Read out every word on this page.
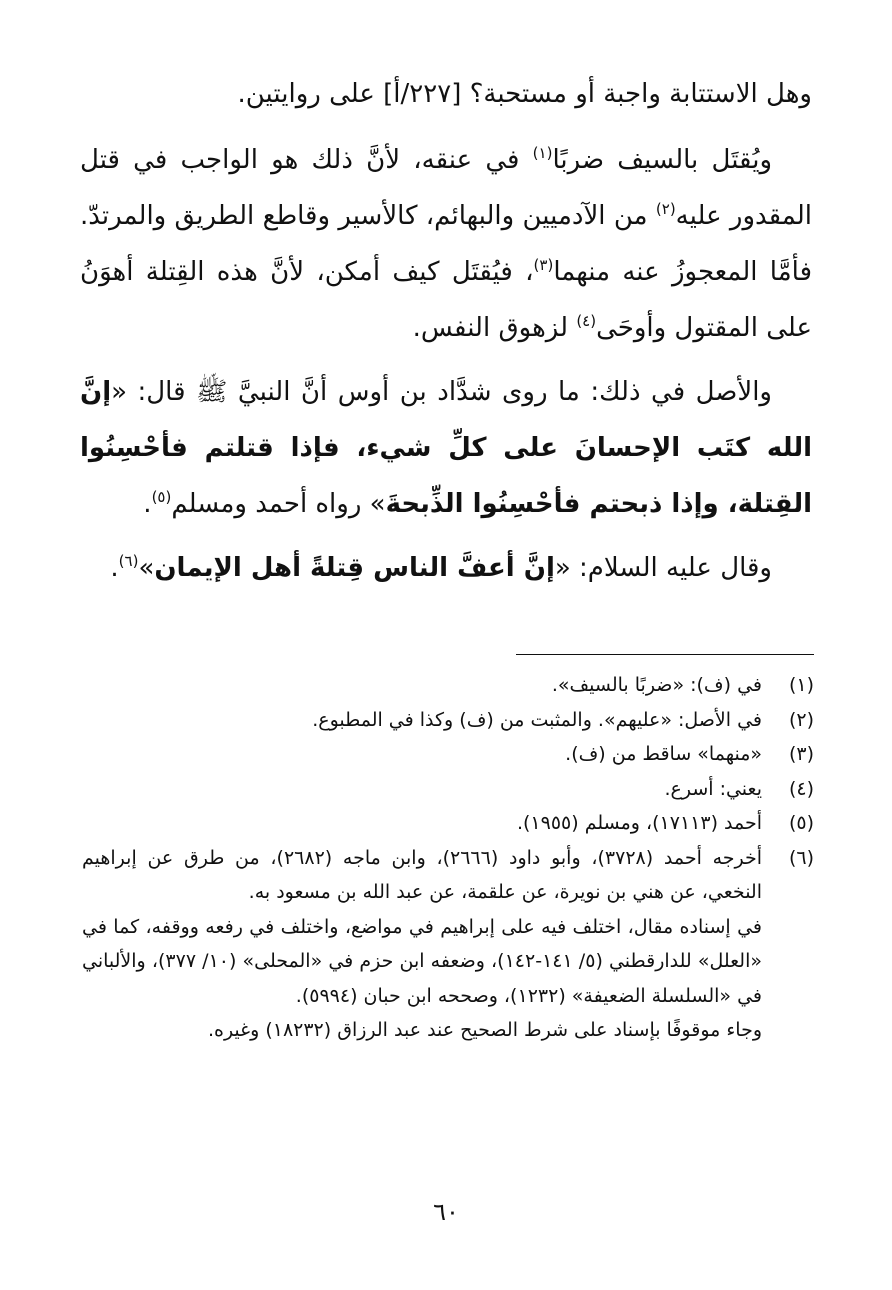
وهل الاستتابة واجبة أو مستحبة؟ [٢٢٧/أ] على روايتين.

ويُقتَل بالسيف ضربًا$^{(١)}$ في عنقه، لأنَّ ذلك هو الواجب في قتل المقدور عليه$^{(٢)}$ من الآدميين والبهائم، كالأسير وقاطع الطريق والمرتدّ. فأمَّا المعجوزُ عنه منهما$^{(٣)}$، فيُقتَل كيف أمكن، لأنَّ هذه القِتلة أهوَنُ على المقتول وأوحَى$^{(٤)}$ لزهوق النفس.

والأصل في ذلك: ما روى شدَّاد بن أوس أنَّ النبيَّ ﷺ قال: «إنَّ الله كتَب الإحسانَ على كلِّ شيء، فإذا قتلتم فأحْسِنُوا القِتلة، وإذا ذبحتم فأحْسِنُوا الذِّبحةَ» رواه أحمد ومسلم$^{(٥)}$.

وقال عليه السلام: «إنَّ أعفَّ الناس قِتلةً أهل الإيمان»$^{(٦)}$.

(١)
في (ف): «ضربًا بالسيف».
(٢)
في الأصل: «عليهم». والمثبت من (ف) وكذا في المطبوع.
(٣)
«منهما» ساقط من (ف).
(٤)
يعني: أسرع.
(٥)
أحمد (١٧١١٣)، ومسلم (١٩٥٥).
(٦)
أخرجه أحمد (٣٧٢٨)، وأبو داود (٢٦٦٦)، وابن ماجه (٢٦٨٢)، من طرق عن إبراهيم النخعي، عن هني بن نويرة، عن علقمة، عن عبد الله بن مسعود به.

في إسناده مقال، اختلف فيه على إبراهيم في مواضع، واختلف في رفعه ووقفه، كما في «العلل» للدارقطني (٥/ ١٤١-١٤٢)، وضعفه ابن حزم في «المحلى» (١٠/ ٣٧٧)، والألباني في «السلسلة الضعيفة» (١٢٣٢)، وصححه ابن حبان (٥٩٩٤).

وجاء موقوفًا بإسناد على شرط الصحيح عند عبد الرزاق (١٨٢٣٢) وغيره.

٦٠
